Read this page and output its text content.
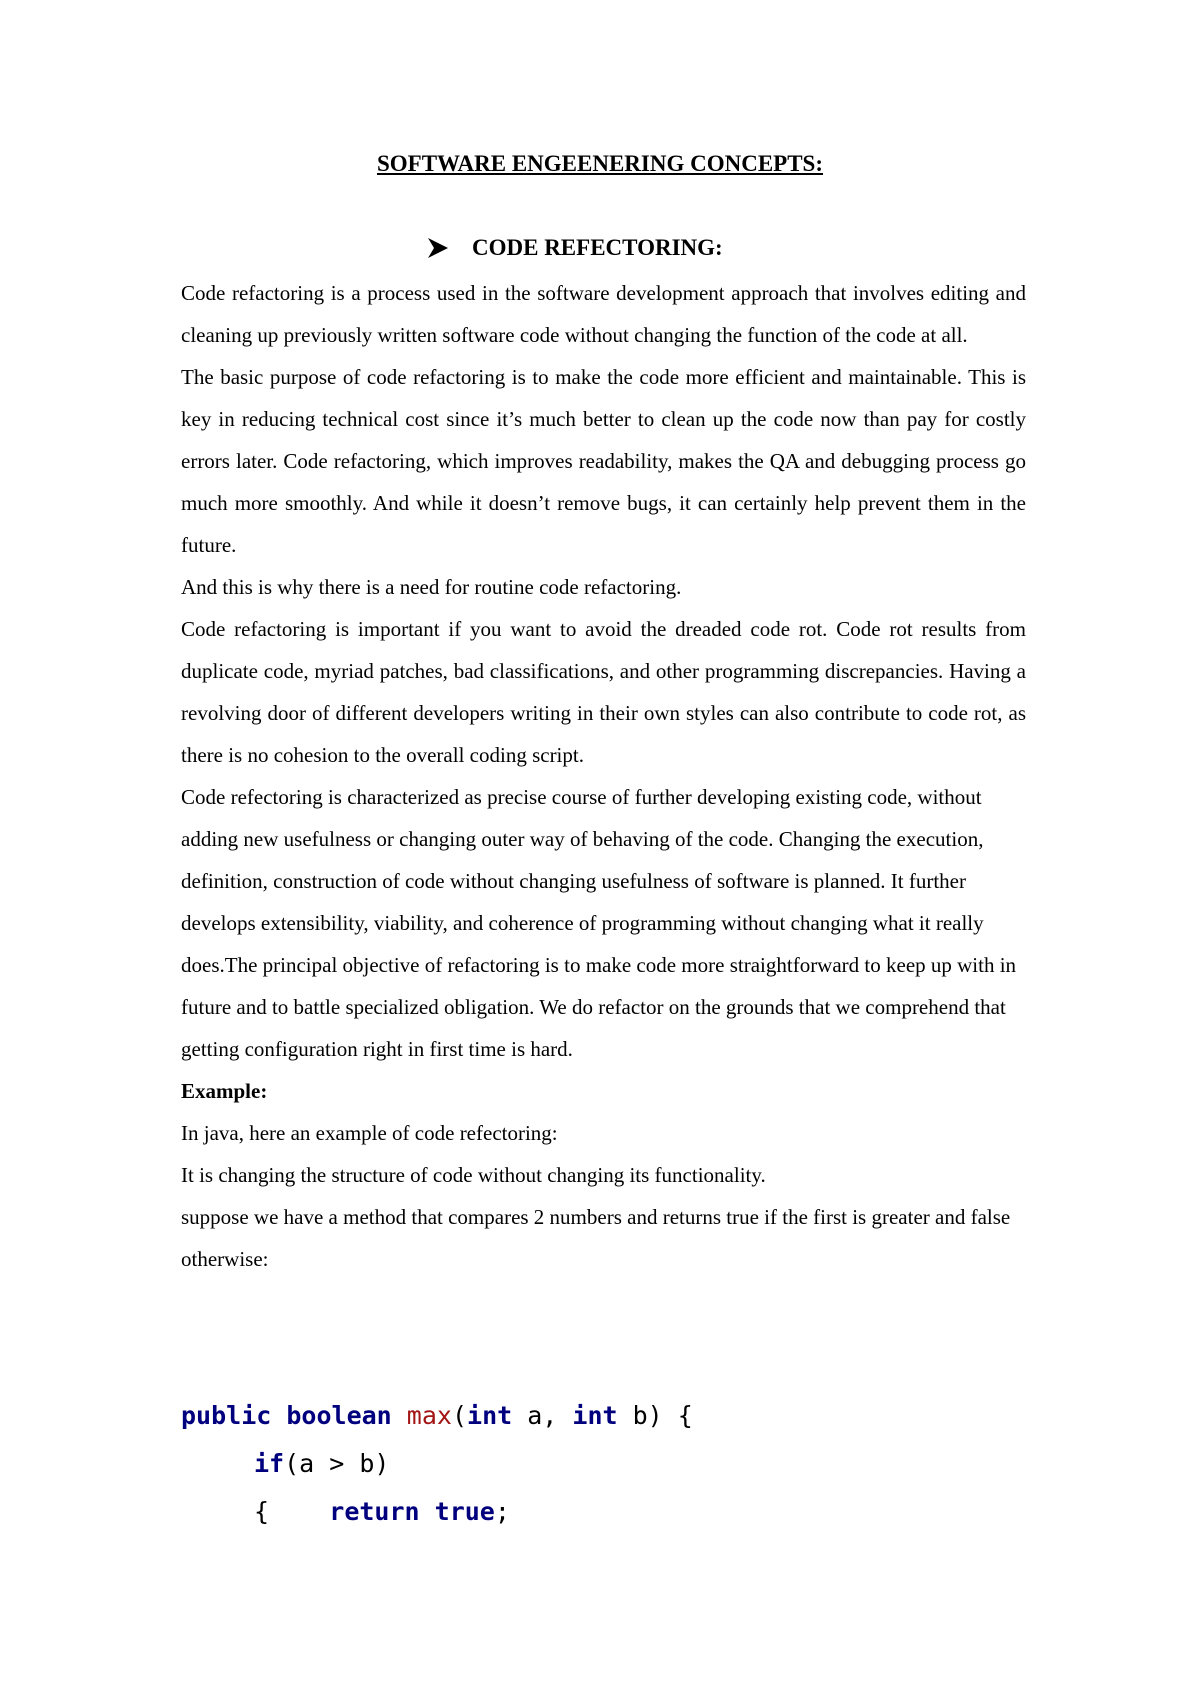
SOFTWARE ENGEENERING CONCEPTS:
CODE REFECTORING:

Code refactoring is a process used in the software development approach that involves editing and cleaning up previously written software code without changing the function of the code at all.

The basic purpose of code refactoring is to make the code more efficient and maintainable. This is key in reducing technical cost since it’s much better to clean up the code now than pay for costly errors later. Code refactoring, which improves readability, makes the QA and debugging process go much more smoothly. And while it doesn’t remove bugs, it can certainly help prevent them in the future.

And this is why there is a need for routine code refactoring.

Code refactoring is important if you want to avoid the dreaded code rot. Code rot results from duplicate code, myriad patches, bad classifications, and other programming discrepancies. Having a revolving door of different developers writing in their own styles can also contribute to code rot, as there is no cohesion to the overall coding script.

Code refectoring is characterized as precise course of further developing existing code, without adding new usefulness or changing outer way of behaving of the code. Changing the execution, definition, construction of code without changing usefulness of software is planned. It further develops extensibility, viability, and coherence of programming without changing what it really does.The principal objective of refactoring is to make code more straightforward to keep up with in future and to battle specialized obligation. We do refactor on the grounds that we comprehend that getting configuration right in first time is hard.

Example:

In java, here an example of code refectoring:

It is changing the structure of code without changing its functionality.

suppose we have a method that compares 2 numbers and returns true if the first is greater and false otherwise:

public boolean max(int a, int b) {
if(a > b)
{ return true;
